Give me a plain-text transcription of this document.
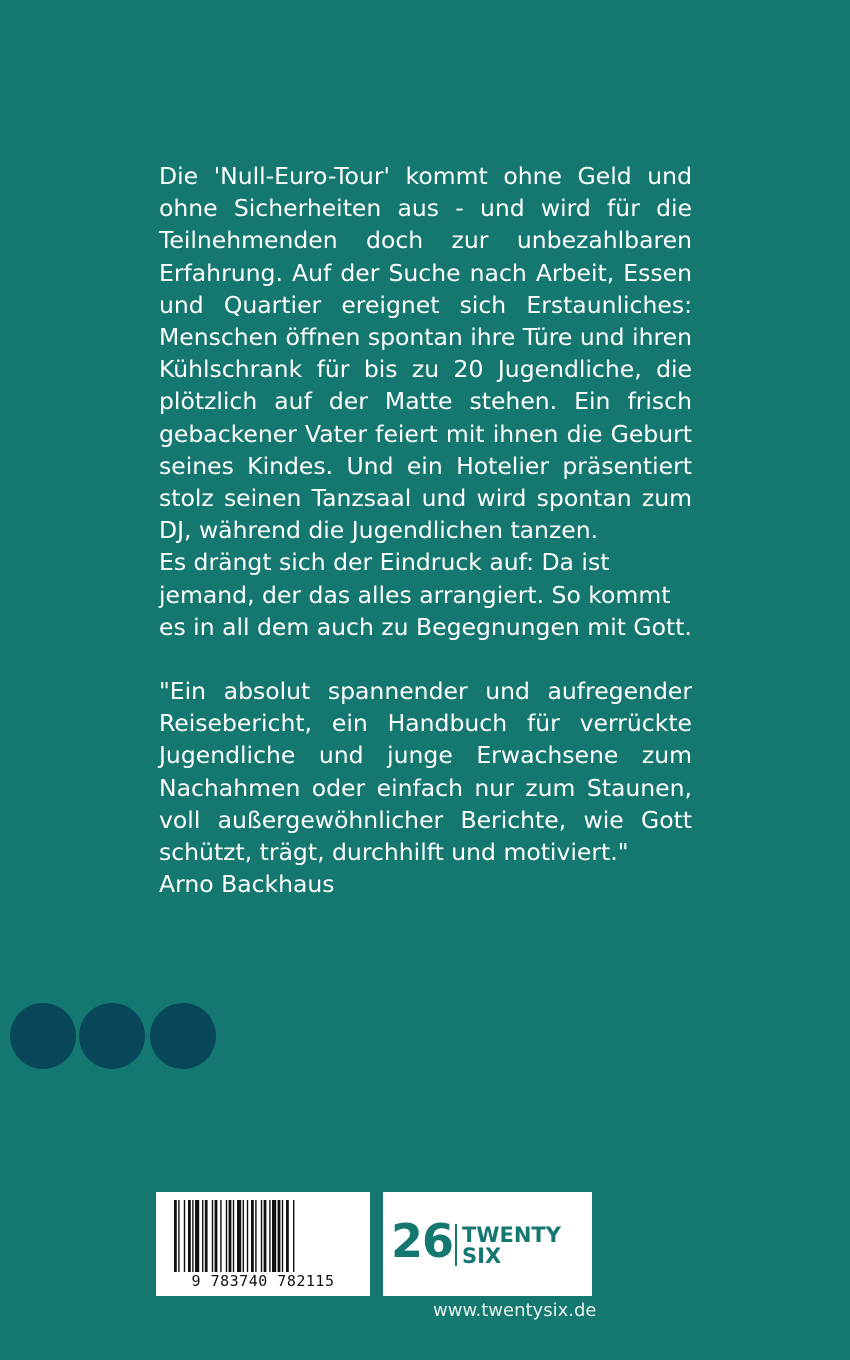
Die 'Null-Euro-Tour' kommt ohne Geld und ohne Sicherheiten aus - und wird für die Teilnehmenden doch zur unbezahlbaren Erfahrung. Auf der Suche nach Arbeit, Essen und Quartier ereignet sich Erstaunliches: Menschen öffnen spontan ihre Türe und ihren Kühlschrank für bis zu 20 Jugendliche, die plötzlich auf der Matte stehen. Ein frisch gebackener Vater feiert mit ihnen die Geburt seines Kindes. Und ein Hotelier präsentiert stolz seinen Tanzsaal und wird spontan zum DJ, während die Jugendlichen tanzen.

Es drängt sich der Eindruck auf: Da ist jemand, der das alles arrangiert. So kommt es in all dem auch zu Begegnungen mit Gott.

"Ein absolut spannender und aufregender Reisebericht, ein Handbuch für verrückte Jugendliche und junge Erwachsene zum Nachahmen oder einfach nur zum Staunen, voll außergewöhnlicher Berichte, wie Gott schützt, trägt, durchhilft und motiviert."

Arno Backhaus

9 783740 782115
26 TWENTY
SIX
www.twentysix.de
